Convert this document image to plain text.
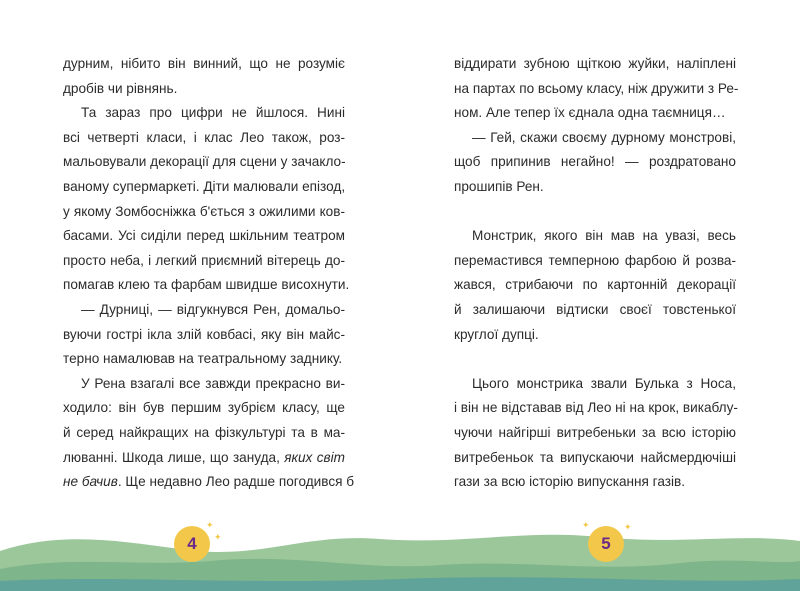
дурним, нібито він винний, що не розуміє
дробів чи рівнянь.
Та зараз про цифри не йшлося. Нині
всі четверті класи, і клас Лео також, роз-
мальовували декорації для сцени у зачакло-
ваному супермаркеті. Діти малювали епізод,
у якому Зомбосніжка б'ється з ожилими ков-
басами. Усі сиділи перед шкільним театром
просто неба, і легкий приємний вітерець до-
помагав клею та фарбам швидше висохнути.
— Дурниці, — відгукнувся Рен, домальо-
вуючи гострі ікла злій ковбасі, яку він майс-
терно намалював на театральному заднику.
У Рена взагалі все завжди прекрасно ви-
ходило: він був першим зубрієм класу, ще
й серед найкращих на фізкультурі та в ма-
люванні. Шкода лише, що зануда, яких світ
не бачив. Ще недавно Лео радше погодився б
віддирати зубною щіткою жуйки, наліплені
на партах по всьому класу, ніж дружити з Ре-
ном. Але тепер їх єднала одна таємниця…
— Гей, скажи своєму дурному монстрові,
щоб припинив негайно! — роздратовано
прошипів Рен.
Монстрик, якого він мав на увазі, весь
перемастився темперною фарбою й розва-
жався, стрибаючи по картонній декорації
й залишаючи відтиски своєї товстенької
круглої дупці.
Цього монстрика звали Булька з Носа,
і він не відставав від Лео ні на крок, викаблу-
чуючи найгірші витребеньки за всю історію
витребеньок та випускаючи найсмердючіші
гази за всю історію випускання газів.
✦
✦
✦	✦
4	5
